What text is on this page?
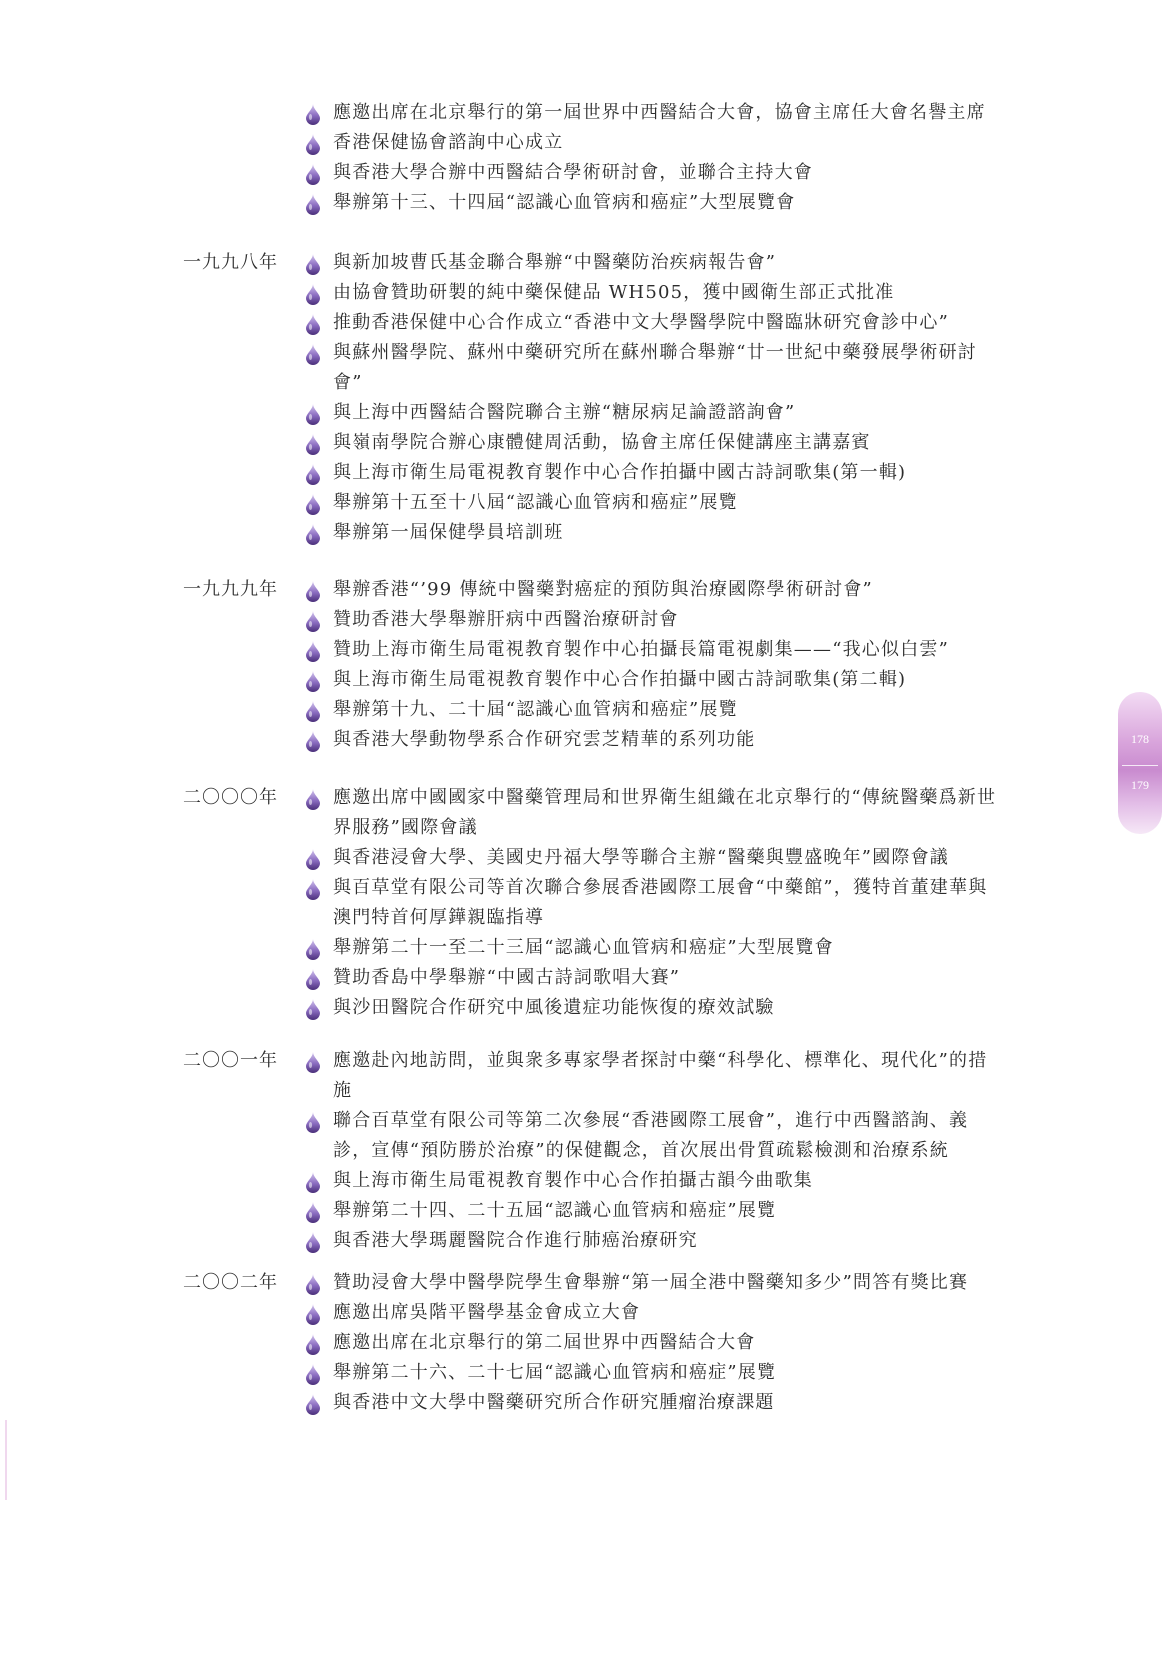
應邀出席在北京舉行的第一屆世界中西醫結合大會，協會主席任大會名譽主席
香港保健協會諮詢中心成立
與香港大學合辦中西醫結合學術研討會，並聯合主持大會
舉辦第十三、十四屆“認識心血管病和癌症”大型展覽會
一九九八年	與新加坡曹氏基金聯合舉辦“中醫藥防治疾病報告會”
由協會贊助研製的純中藥保健品 WH505，獲中國衛生部正式批准
推動香港保健中心合作成立“香港中文大學醫學院中醫臨牀研究會診中心”
與蘇州醫學院、蘇州中藥研究所在蘇州聯合舉辦“廿一世紀中藥發展學術研討會”
與上海中西醫結合醫院聯合主辦“糖尿病足論證諮詢會”
與嶺南學院合辦心康體健周活動，協會主席任保健講座主講嘉賓
與上海市衛生局電視教育製作中心合作拍攝中國古詩詞歌集(第一輯)
舉辦第十五至十八屆“認識心血管病和癌症”展覽
舉辦第一屆保健學員培訓班
一九九九年	舉辦香港“’99 傳統中醫藥對癌症的預防與治療國際學術研討會”
贊助香港大學舉辦肝病中西醫治療研討會
贊助上海市衛生局電視教育製作中心拍攝長篇電視劇集——“我心似白雲”
與上海市衛生局電視教育製作中心合作拍攝中國古詩詞歌集(第二輯)
舉辦第十九、二十屆“認識心血管病和癌症”展覽
與香港大學動物學系合作研究雲芝精華的系列功能
二〇〇〇年	應邀出席中國國家中醫藥管理局和世界衛生組織在北京舉行的“傳統醫藥爲新世界服務”國際會議
與香港浸會大學、美國史丹福大學等聯合主辦“醫藥與豐盛晚年”國際會議
與百草堂有限公司等首次聯合參展香港國際工展會“中藥館”，獲特首董建華與澳門特首何厚鏵親臨指導
舉辦第二十一至二十三屆“認識心血管病和癌症”大型展覽會
贊助香島中學舉辦“中國古詩詞歌唱大賽”
與沙田醫院合作研究中風後遺症功能恢復的療效試驗
二〇〇一年	應邀赴內地訪問，並與衆多專家學者探討中藥“科學化、標準化、現代化”的措施
聯合百草堂有限公司等第二次參展“香港國際工展會”，進行中西醫諮詢、義診，宣傳“預防勝於治療”的保健觀念，首次展出骨質疏鬆檢測和治療系統
與上海市衛生局電視教育製作中心合作拍攝古韻今曲歌集
舉辦第二十四、二十五屆“認識心血管病和癌症”展覽
與香港大學瑪麗醫院合作進行肺癌治療研究
二〇〇二年	贊助浸會大學中醫學院學生會舉辦“第一屆全港中醫藥知多少”問答有獎比賽
應邀出席吳階平醫學基金會成立大會
應邀出席在北京舉行的第二屆世界中西醫結合大會
舉辦第二十六、二十七屆“認識心血管病和癌症”展覽
與香港中文大學中醫藥研究所合作研究腫瘤治療課題
178
179
